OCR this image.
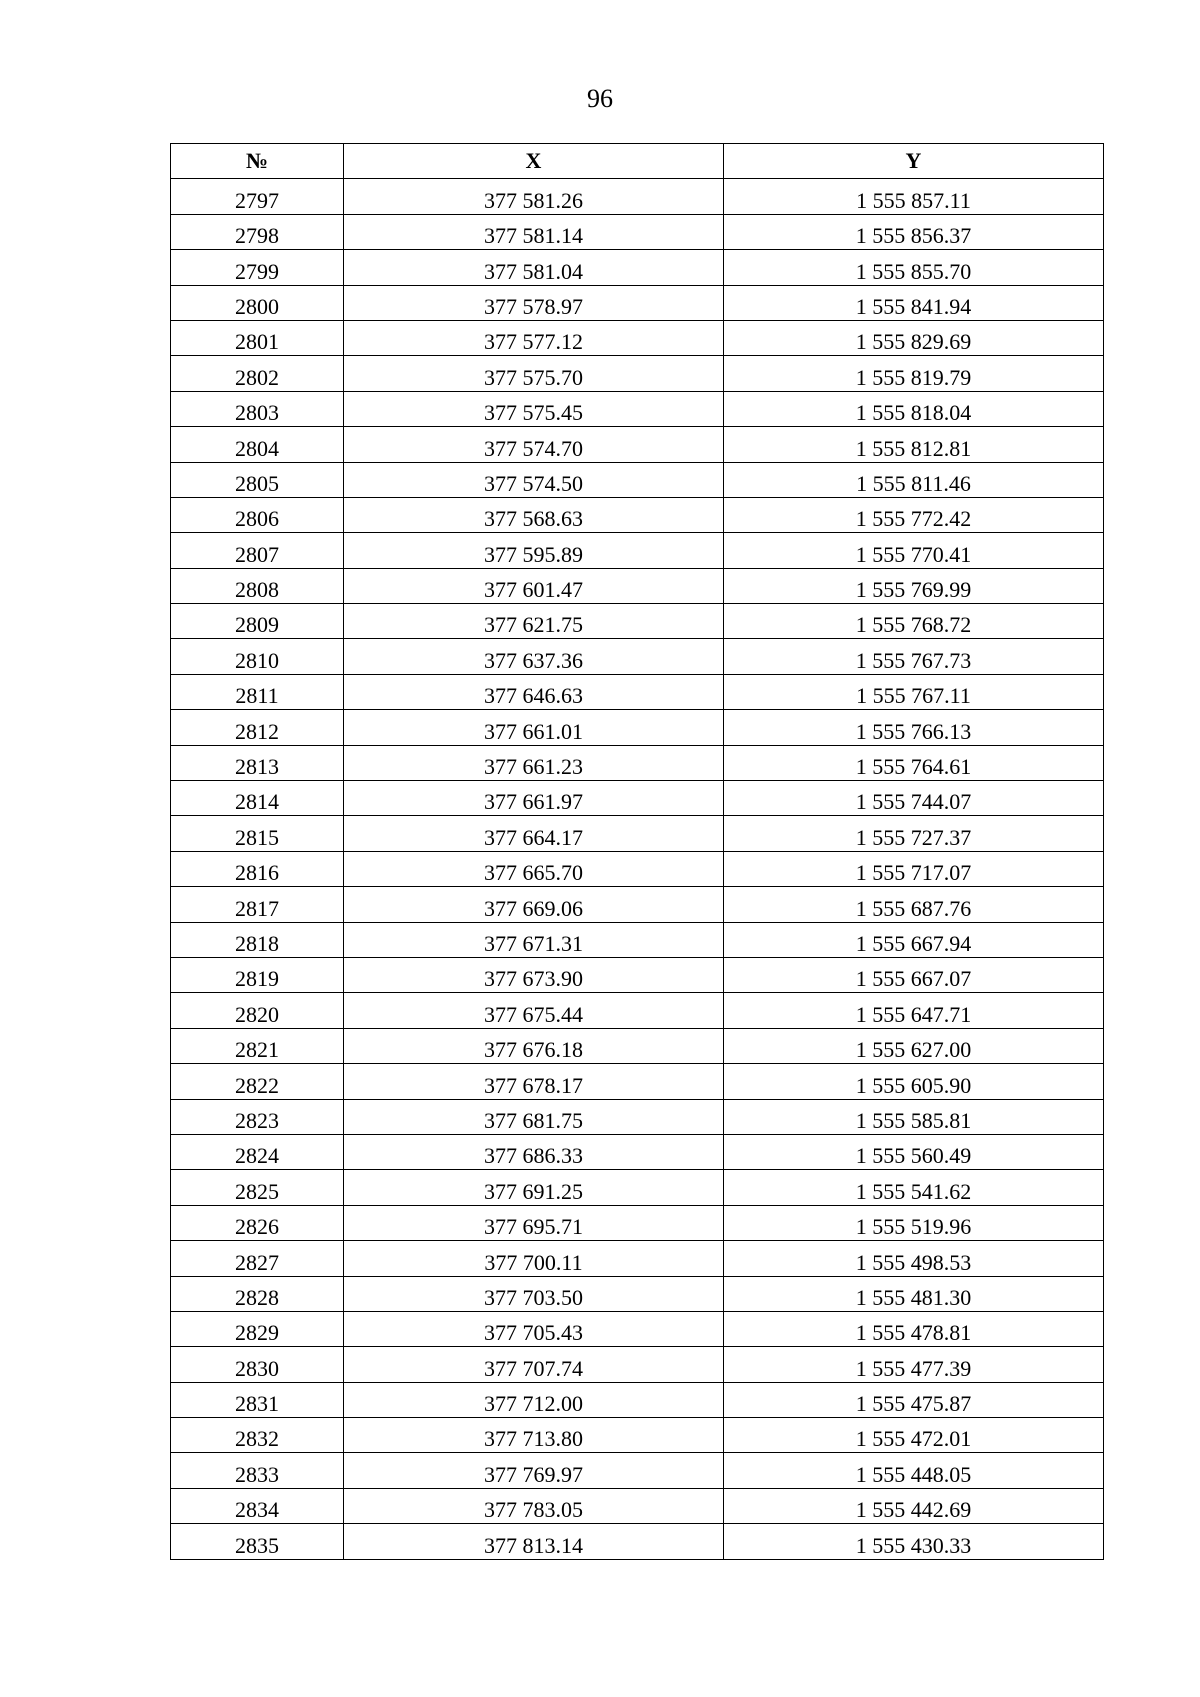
96
№	X	Y
2797	377 581.26	1 555 857.11
2798	377 581.14	1 555 856.37
2799	377 581.04	1 555 855.70
2800	377 578.97	1 555 841.94
2801	377 577.12	1 555 829.69
2802	377 575.70	1 555 819.79
2803	377 575.45	1 555 818.04
2804	377 574.70	1 555 812.81
2805	377 574.50	1 555 811.46
2806	377 568.63	1 555 772.42
2807	377 595.89	1 555 770.41
2808	377 601.47	1 555 769.99
2809	377 621.75	1 555 768.72
2810	377 637.36	1 555 767.73
2811	377 646.63	1 555 767.11
2812	377 661.01	1 555 766.13
2813	377 661.23	1 555 764.61
2814	377 661.97	1 555 744.07
2815	377 664.17	1 555 727.37
2816	377 665.70	1 555 717.07
2817	377 669.06	1 555 687.76
2818	377 671.31	1 555 667.94
2819	377 673.90	1 555 667.07
2820	377 675.44	1 555 647.71
2821	377 676.18	1 555 627.00
2822	377 678.17	1 555 605.90
2823	377 681.75	1 555 585.81
2824	377 686.33	1 555 560.49
2825	377 691.25	1 555 541.62
2826	377 695.71	1 555 519.96
2827	377 700.11	1 555 498.53
2828	377 703.50	1 555 481.30
2829	377 705.43	1 555 478.81
2830	377 707.74	1 555 477.39
2831	377 712.00	1 555 475.87
2832	377 713.80	1 555 472.01
2833	377 769.97	1 555 448.05
2834	377 783.05	1 555 442.69
2835	377 813.14	1 555 430.33
